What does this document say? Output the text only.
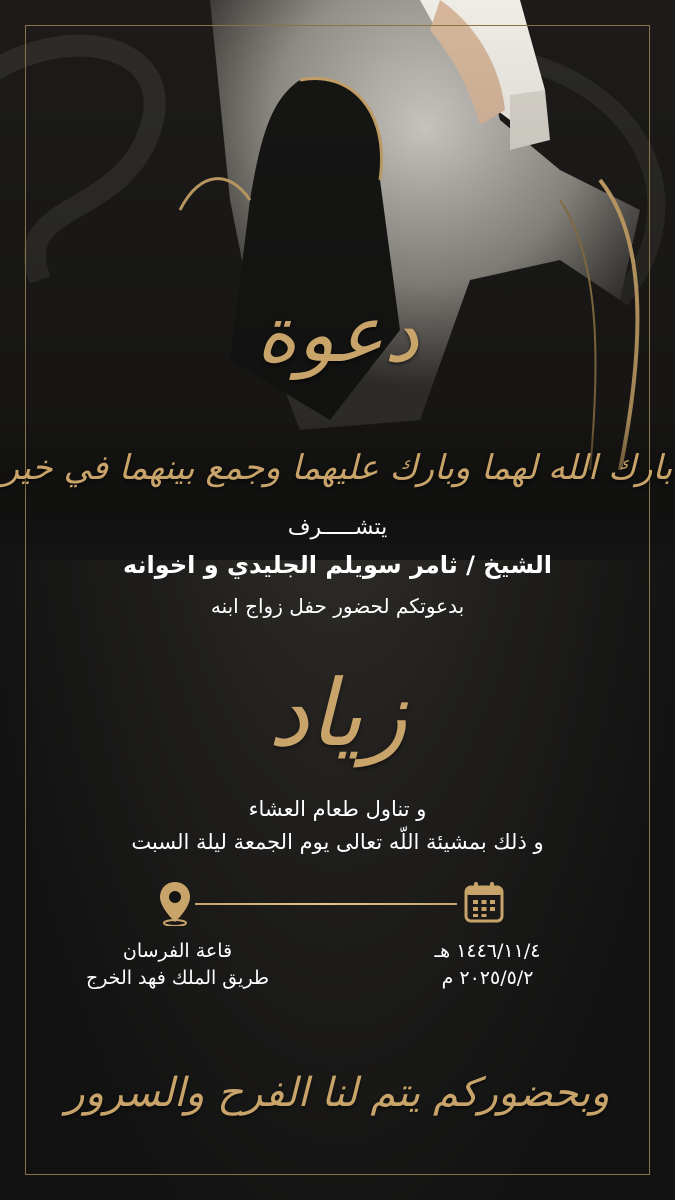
دعوة
بارك الله لهما وبارك عليهما وجمع بينهما في خير
يتشـــــرف
الشيخ / ثامر سويلم الجليدي و اخوانه
بدعوتكم لحضور حفل زواج ابنه
زياد
و تناول طعام العشاء
و ذلك بمشيئة اللّه تعالى يوم الجمعة ليلة السبت
قاعة الفرسان
طريق الملك فهد الخرج
١٤٤٦/١١/٤ هـ
٢٠٢٥/٥/٢ م
وبحضوركم يتم لنا الفرح والسرور
